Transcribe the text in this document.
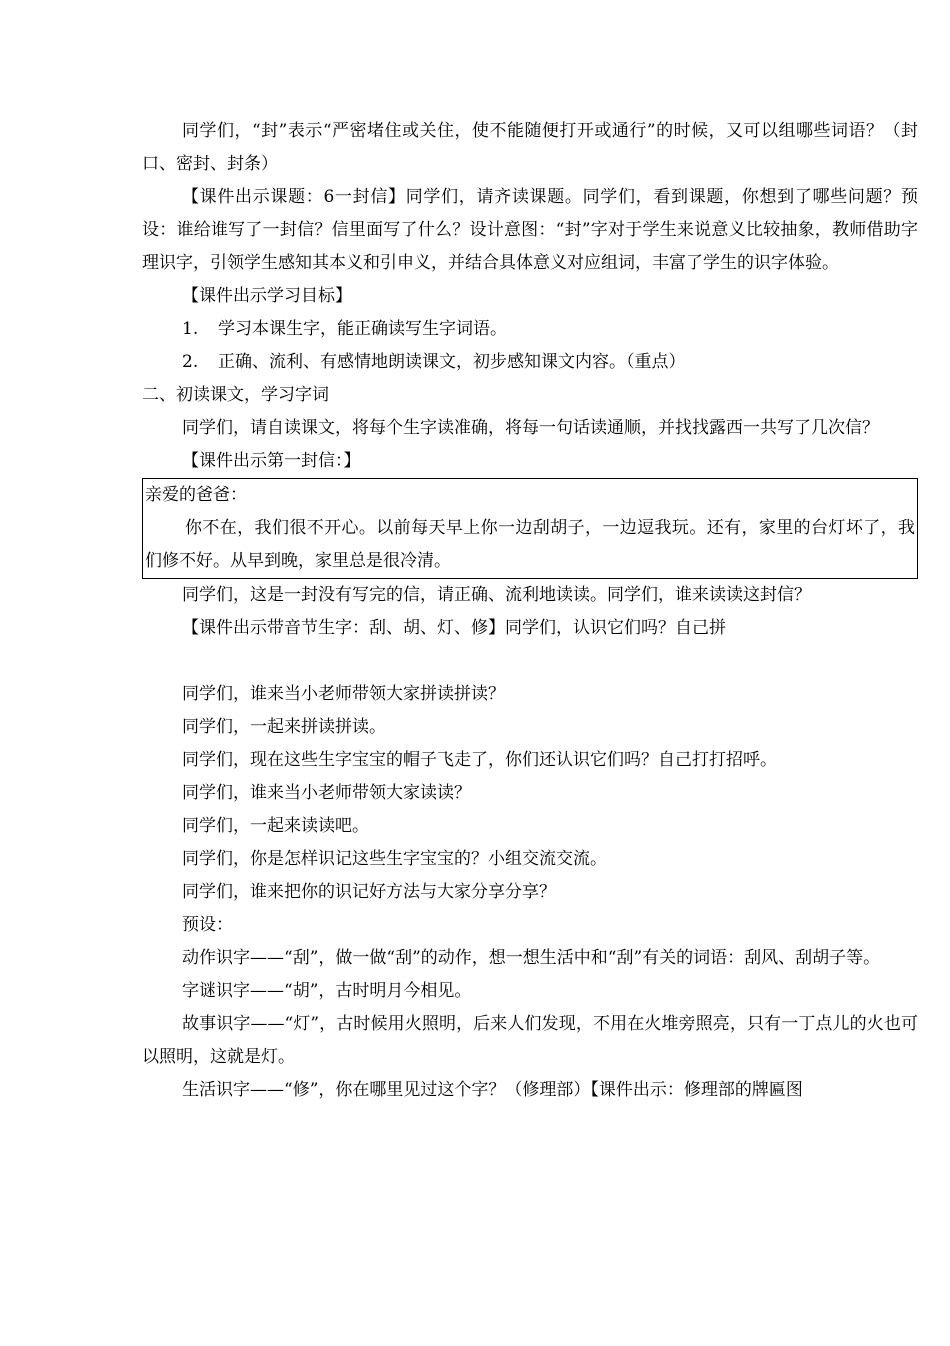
同学们，“封”表示“严密堵住或关住，使不能随便打开或通行”的时候，又可以组哪些词语？（封口、密封、封条）

【课件出示课题：6一封信】同学们，请齐读课题。同学们，看到课题，你想到了哪些问题？预设：谁给谁写了一封信？信里面写了什么？设计意图：“封”字对于学生来说意义比较抽象，教师借助字理识字，引领学生感知其本义和引申义，并结合具体意义对应组词，丰富了学生的识字体验。

【课件出示学习目标】

1. 学习本课生字，能正确读写生字词语。

2. 正确、流利、有感情地朗读课文，初步感知课文内容。（重点）

二、初读课文，学习字词

同学们，请自读课文，将每个生字读准确，将每一句话读通顺，并找找露西一共写了几次信？

【课件出示第一封信：】

亲爱的爸爸：

你不在，我们很不开心。以前每天早上你一边刮胡子，一边逗我玩。还有，家里的台灯坏了，我们修不好。从早到晚，家里总是很冷清。

同学们，这是一封没有写完的信，请正确、流利地读读。同学们，谁来读读这封信？

【课件出示带音节生字：刮、胡、灯、修】同学们，认识它们吗？自己拼

同学们，谁来当小老师带领大家拼读拼读？

同学们，一起来拼读拼读。

同学们，现在这些生字宝宝的帽子飞走了，你们还认识它们吗？自己打打招呼。

同学们，谁来当小老师带领大家读读？

同学们，一起来读读吧。

同学们，你是怎样识记这些生字宝宝的？小组交流交流。

同学们，谁来把你的识记好方法与大家分享分享？

预设：

动作识字——“刮”，做一做“刮”的动作，想一想生活中和“刮”有关的词语：刮风、刮胡子等。

字谜识字——“胡”，古时明月今相见。

故事识字——“灯”，古时候用火照明，后来人们发现，不用在火堆旁照亮，只有一丁点儿的火也可以照明，这就是灯。

生活识字——“修”，你在哪里见过这个字？（修理部）【课件出示：修理部的牌匾图
